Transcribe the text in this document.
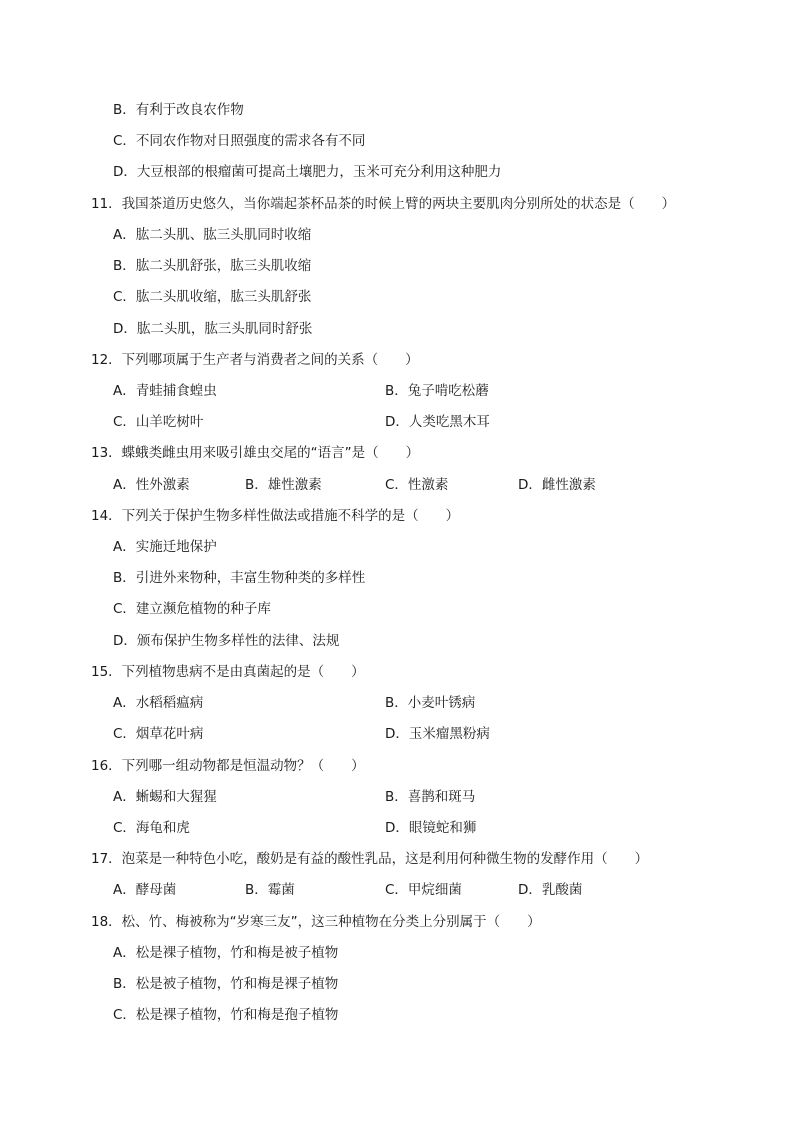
B．有利于改良农作物
C．不同农作物对日照强度的需求各有不同
D．大豆根部的根瘤菌可提高土壤肥力，玉米可充分利用这种肥力
11．我国茶道历史悠久，当你端起茶杯品茶的时候上臂的两块主要肌肉分别所处的状态是（　　）
A．肱二头肌、肱三头肌同时收缩
B．肱二头肌舒张，肱三头肌收缩
C．肱二头肌收缩，肱三头肌舒张
D．肱二头肌，肱三头肌同时舒张
12．下列哪项属于生产者与消费者之间的关系（　　）
A．青蛙捕食蝗虫	B．兔子啃吃松蘑
C．山羊吃树叶	D．人类吃黑木耳
13．蝶蛾类雌虫用来吸引雄虫交尾的“语言”是（　　）
A．性外激素	B．雄性激素	C．性激素	D．雌性激素
14．下列关于保护生物多样性做法或措施不科学的是（　　）
A．实施迁地保护
B．引进外来物种，丰富生物种类的多样性
C．建立濒危植物的种子库
D．颁布保护生物多样性的法律、法规
15．下列植物患病不是由真菌起的是（　　）
A．水稻稻瘟病	B．小麦叶锈病
C．烟草花叶病	D．玉米瘤黑粉病
16．下列哪一组动物都是恒温动物？（　　）
A．蜥蜴和大猩猩	B．喜鹊和斑马
C．海龟和虎	D．眼镜蛇和狮
17．泡菜是一种特色小吃，酸奶是有益的酸性乳品，这是利用何种微生物的发酵作用（　　）
A．酵母菌	B．霉菌	C．甲烷细菌	D．乳酸菌
18．松、竹、梅被称为“岁寒三友”，这三种植物在分类上分别属于（　　）
A．松是裸子植物，竹和梅是被子植物
B．松是被子植物，竹和梅是裸子植物
C．松是裸子植物，竹和梅是孢子植物
